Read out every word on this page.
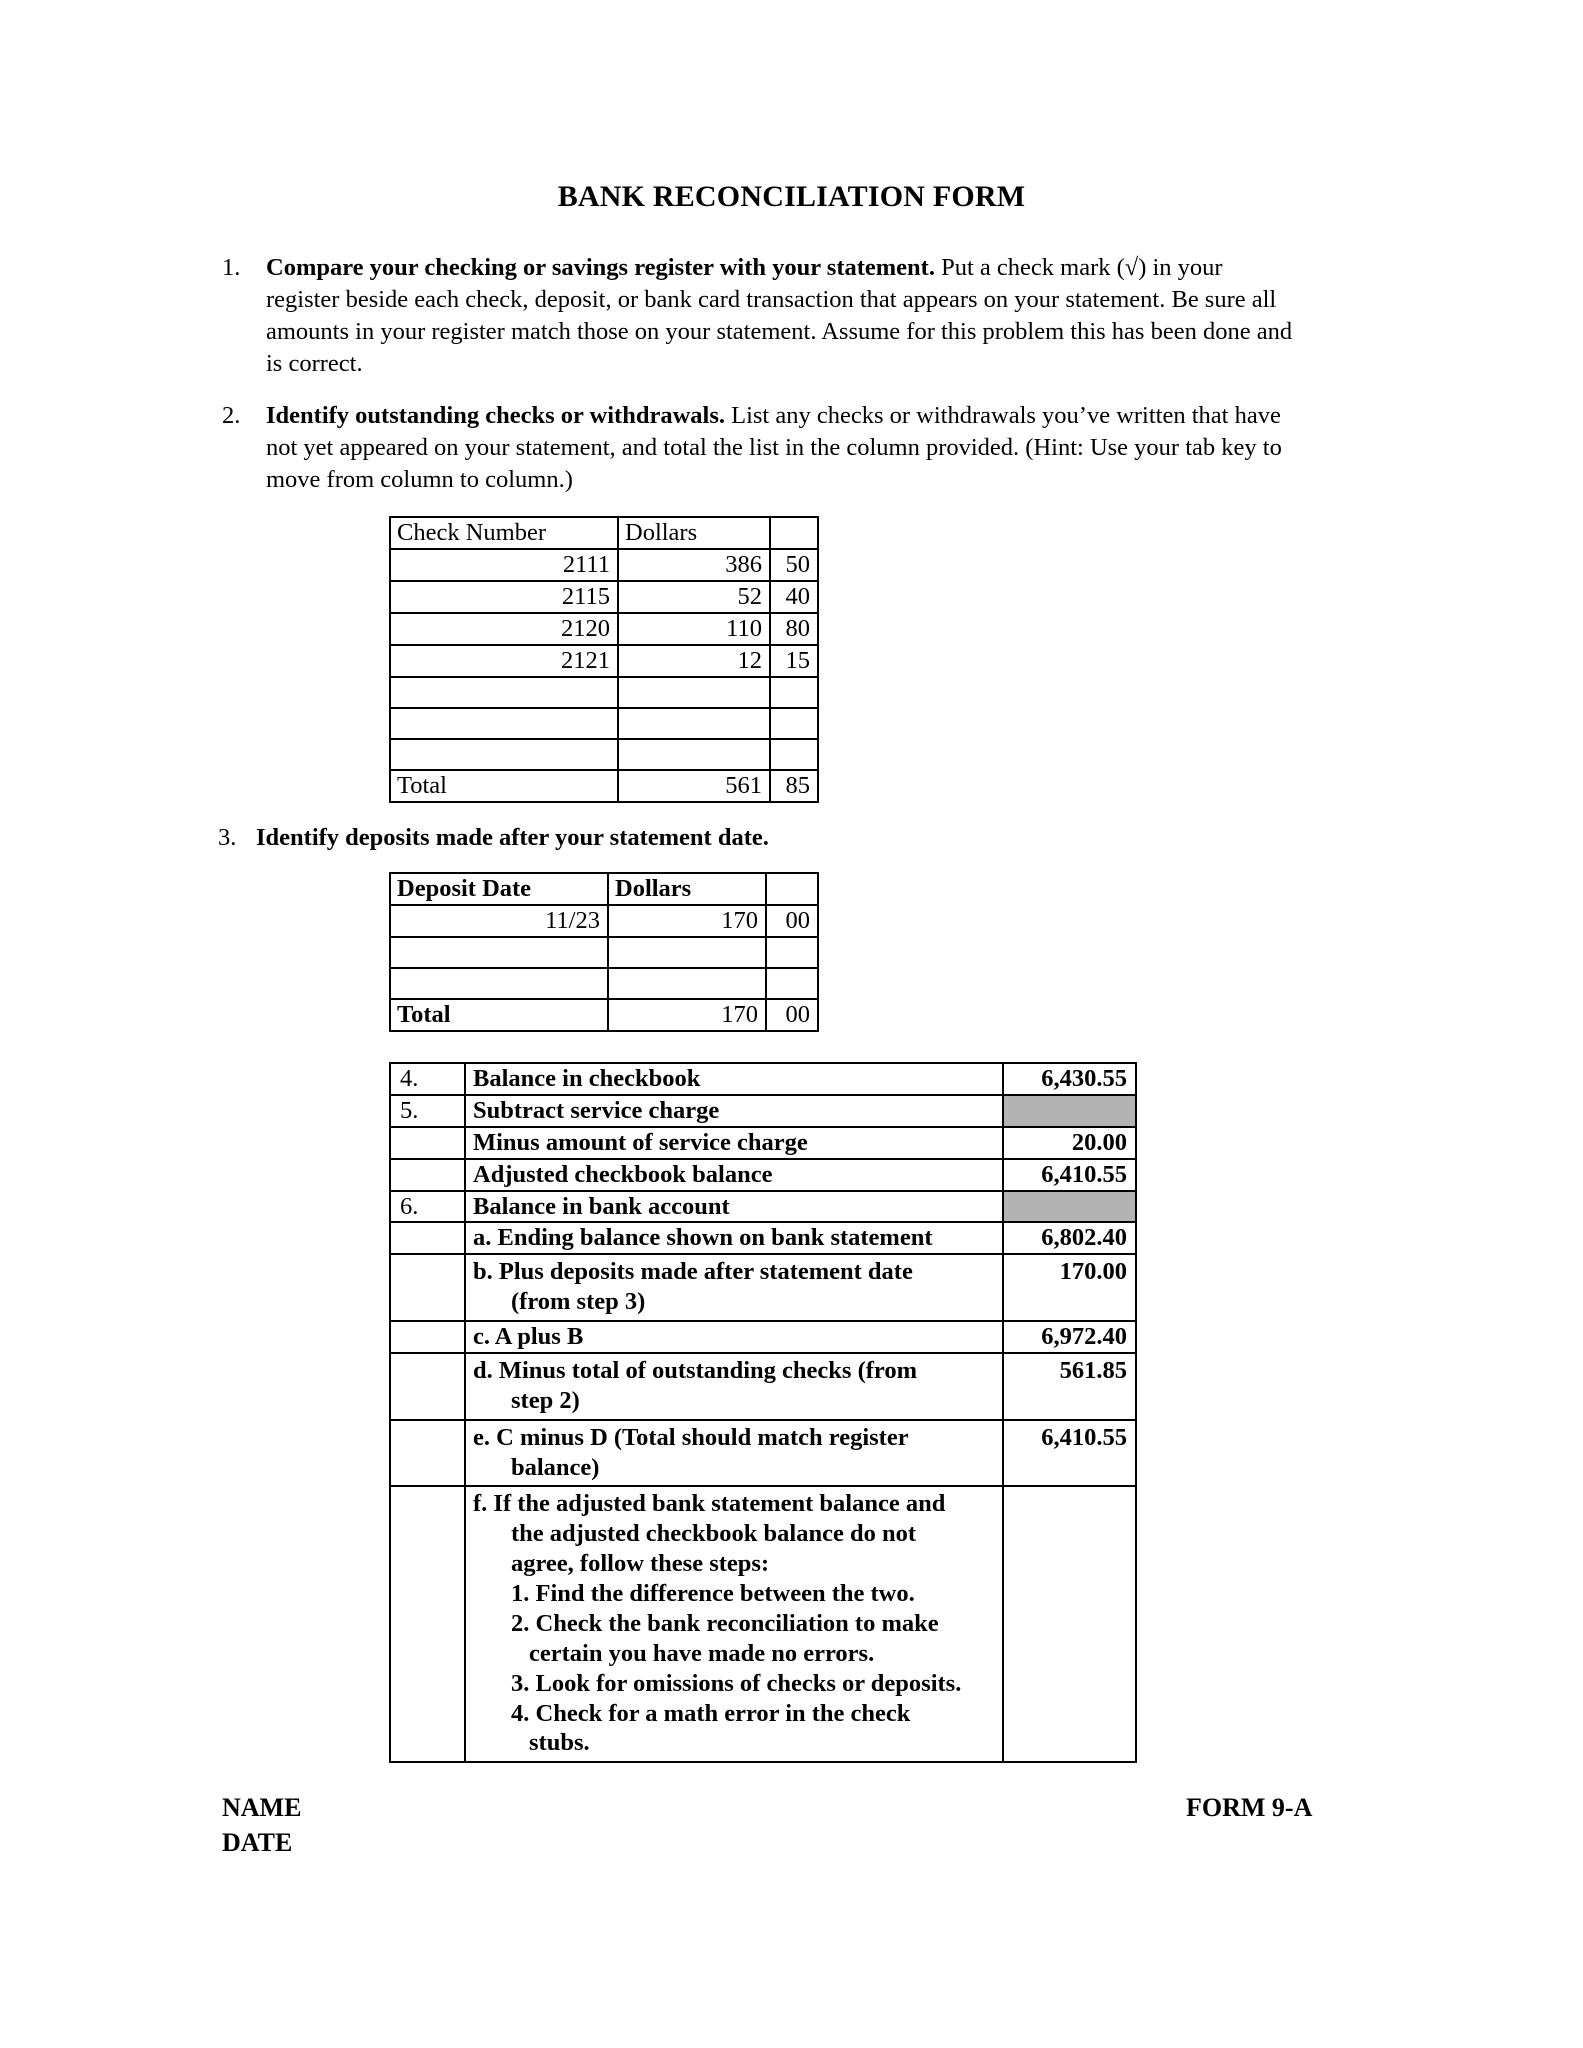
BANK RECONCILIATION FORM
1.	Compare your checking or savings register with your statement. Put a check mark (√) in your register beside each check, deposit, or bank card transaction that appears on your statement. Be sure all amounts in your register match those on your statement. Assume for this problem this has been done and is correct.
2.	Identify outstanding checks or withdrawals. List any checks or withdrawals you’ve written that have not yet appeared on your statement, and total the list in the column provided. (Hint: Use your tab key to move from column to column.)
Check Number	Dollars	
2111	386	50
2115	52	40
2120	110	80
2121	12	15

Total	561	85
3. Identify deposits made after your statement date.
Deposit Date	Dollars	
11/23	170	00

Total	170	00
4.	Balance in checkbook	6,430.55
5.	Subtract service charge	
	Minus amount of service charge	20.00
	Adjusted checkbook balance	6,410.55
6.	Balance in bank account	
	a. Ending balance shown on bank statement	6,802.40
	b. Plus deposits made after statement date
(from step 3)	170.00
	c. A plus B	6,972.40
	d. Minus total of outstanding checks (from
step 2)	561.85
	e. C minus D (Total should match register
balance)	6,410.55
	f. If the adjusted bank statement balance and
the adjusted checkbook balance do not
agree, follow these steps:
1. Find the difference between the two.
2. Check the bank reconciliation to make
certain you have made no errors.
3. Look for omissions of checks or deposits.
4. Check for a math error in the check
stubs.

NAME
DATE
FORM 9-A
